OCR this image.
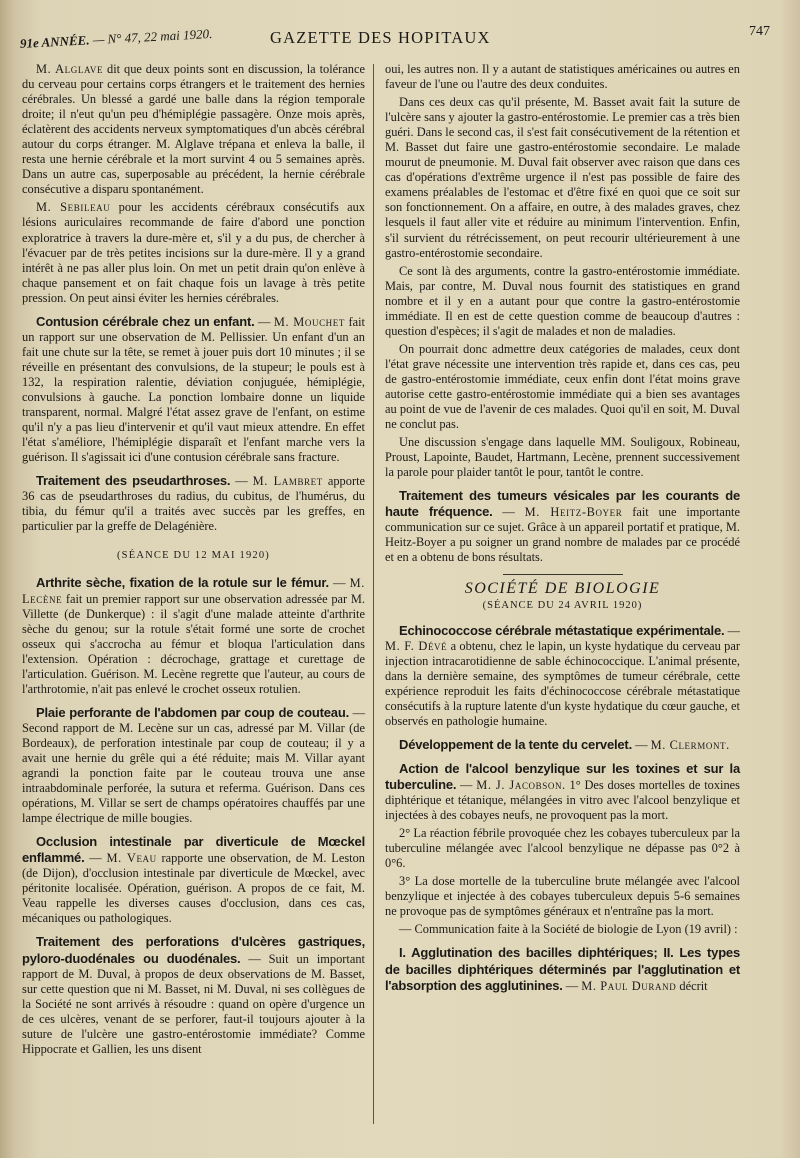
91e ANNÉE. — N° 47, 22 mai 1920.	GAZETTE DES HOPITAUX	747

M. Alglave dit que deux points sont en discussion, la tolérance du cerveau pour certains corps étrangers et le traitement des hernies cérébrales. Un blessé a gardé une balle dans la région temporale droite; il n'eut qu'un peu d'hémiplégie passagère. Onze mois après, éclatèrent des accidents nerveux symptomatiques d'un abcès cérébral autour du corps étranger. M. Alglave trépana et enleva la balle, il resta une hernie cérébrale et la mort survint 4 ou 5 semaines après. Dans un autre cas, superposable au précédent, la hernie cérébrale consécutive a disparu spontanément.

M. Sebileau pour les accidents cérébraux consécutifs aux lésions auriculaires recommande de faire d'abord une ponction exploratrice à travers la dure-mère et, s'il y a du pus, de chercher à l'évacuer par de très petites incisions sur la dure-mère. Il y a grand intérêt à ne pas aller plus loin. On met un petit drain qu'on enlève à chaque pansement et on fait chaque fois un lavage à très petite pression. On peut ainsi éviter les hernies cérébrales.

Contusion cérébrale chez un enfant. — M. Mouchet fait un rapport sur une observation de M. Pellissier. Un enfant d'un an fait une chute sur la tête, se remet à jouer puis dort 10 minutes ; il se réveille en présentant des convulsions, de la stupeur; le pouls est à 132, la respiration ralentie, déviation conjuguée, hémiplégie, convulsions à gauche. La ponction lombaire donne un liquide transparent, normal. Malgré l'état assez grave de l'enfant, on estime qu'il n'y a pas lieu d'intervenir et qu'il vaut mieux attendre. En effet l'état s'améliore, l'hémiplégie disparaît et l'enfant marche vers la guérison. Il s'agissait ici d'une contusion cérébrale sans fracture.

Traitement des pseudarthroses. — M. Lambret apporte 36 cas de pseudarthroses du radius, du cubitus, de l'humérus, du tibia, du fémur qu'il a traités avec succès par les greffes, en particulier par la greffe de Delagénière.

(SÉANCE DU 12 MAI 1920)

Arthrite sèche, fixation de la rotule sur le fémur. — M. Lecène fait un premier rapport sur une observation adressée par M. Villette (de Dunkerque) : il s'agit d'une malade atteinte d'arthrite sèche du genou; sur la rotule s'était formé une sorte de crochet osseux qui s'accrocha au fémur et bloqua l'articulation dans l'extension. Opération : décrochage, grattage et curettage de l'articulation. Guérison. M. Lecène regrette que l'auteur, au cours de l'arthrotomie, n'ait pas enlevé le crochet osseux rotulien.

Plaie perforante de l'abdomen par coup de couteau. — Second rapport de M. Lecène sur un cas, adressé par M. Villar (de Bordeaux), de perforation intestinale par coup de couteau; il y a avait une hernie du grêle qui a été réduite; mais M. Villar ayant agrandi la ponction faite par le couteau trouva une anse intraabdominale perforée, la sutura et referma. Guérison. Dans ces opérations, M. Villar se sert de champs opératoires chauffés par une lampe électrique de mille bougies.

Occlusion intestinale par diverticule de Mœckel enflammé. — M. Veau rapporte une observation, de M. Leston (de Dijon), d'occlusion intestinale par diverticule de Mœckel, avec péritonite localisée. Opération, guérison. A propos de ce fait, M. Veau rappelle les diverses causes d'occlusion, dans ces cas, mécaniques ou pathologiques.

Traitement des perforations d'ulcères gastriques, pyloro-duodénales ou duodénales. — Suit un important rapport de M. Duval, à propos de deux observations de M. Basset, sur cette question que ni M. Basset, ni M. Duval, ni ses collègues de la Société ne sont arrivés à résoudre : quand on opère d'urgence un de ces ulcères, venant de se perforer, faut-il toujours ajouter à la suture de l'ulcère une gastro-entérostomie immédiate? Comme Hippocrate et Gallien, les uns disent

oui, les autres non. Il y a autant de statistiques américaines ou autres en faveur de l'une ou l'autre des deux conduites.

Dans ces deux cas qu'il présente, M. Basset avait fait la suture de l'ulcère sans y ajouter la gastro-entérostomie. Le premier cas a très bien guéri. Dans le second cas, il s'est fait consécutivement de la rétention et M. Basset dut faire une gastro-entérostomie secondaire. Le malade mourut de pneumonie. M. Duval fait observer avec raison que dans ces cas d'opérations d'extrême urgence il n'est pas possible de faire des examens préalables de l'estomac et d'être fixé en quoi que ce soit sur son fonctionnement. On a affaire, en outre, à des malades graves, chez lesquels il faut aller vite et réduire au minimum l'intervention. Enfin, s'il survient du rétrécissement, on peut recourir ultérieurement à une gastro-entérostomie secondaire.

Ce sont là des arguments, contre la gastro-entérostomie immédiate. Mais, par contre, M. Duval nous fournit des statistiques en grand nombre et il y en a autant pour que contre la gastro-entérostomie immédiate. Il en est de cette question comme de beaucoup d'autres : question d'espèces; il s'agit de malades et non de maladies.

On pourrait donc admettre deux catégories de malades, ceux dont l'état grave nécessite une intervention très rapide et, dans ces cas, peu de gastro-entérostomie immédiate, ceux enfin dont l'état moins grave autorise cette gastro-entérostomie immédiate qui a bien ses avantages au point de vue de l'avenir de ces malades. Quoi qu'il en soit, M. Duval ne conclut pas.

Une discussion s'engage dans laquelle MM. Souligoux, Robineau, Proust, Lapointe, Baudet, Hartmann, Lecène, prennent successivement la parole pour plaider tantôt le pour, tantôt le contre.

Traitement des tumeurs vésicales par les courants de haute fréquence. — M. Heitz-Boyer fait une importante communication sur ce sujet. Grâce à un appareil portatif et pratique, M. Heitz-Boyer a pu soigner un grand nombre de malades par ce procédé et en a obtenu de bons résultats.

SOCIÉTÉ DE BIOLOGIE
(SÉANCE DU 24 AVRIL 1920)

Echinococcose cérébrale métastatique expérimentale. — M. F. Dévé a obtenu, chez le lapin, un kyste hydatique du cerveau par injection intracarotidienne de sable échinococcique. L'animal présente, dans la dernière semaine, des symptômes de tumeur cérébrale, cette expérience reproduit les faits d'échinococcose cérébrale métastatique consécutifs à la rupture latente d'un kyste hydatique du cœur gauche, et observés en pathologie humaine.

Développement de la tente du cervelet. — M. Clermont.

Action de l'alcool benzylique sur les toxines et sur la tuberculine. — M. J. Jacobson. 1° Des doses mortelles de toxines diphtérique et tétanique, mélangées in vitro avec l'alcool benzylique et injectées à des cobayes neufs, ne provoquent pas la mort.

2° La réaction fébrile provoquée chez les cobayes tuberculeux par la tuberculine mélangée avec l'alcool benzylique ne dépasse pas 0°2 à 0°6.

3° La dose mortelle de la tuberculine brute mélangée avec l'alcool benzylique et injectée à des cobayes tuberculeux depuis 5-6 semaines ne provoque pas de symptômes généraux et n'entraîne pas la mort.

— Communication faite à la Société de biologie de Lyon (19 avril) :

I. Agglutination des bacilles diphtériques; II. Les types de bacilles diphtériques déterminés par l'agglutination et l'absorption des agglutinines. — M. Paul Durand décrit
